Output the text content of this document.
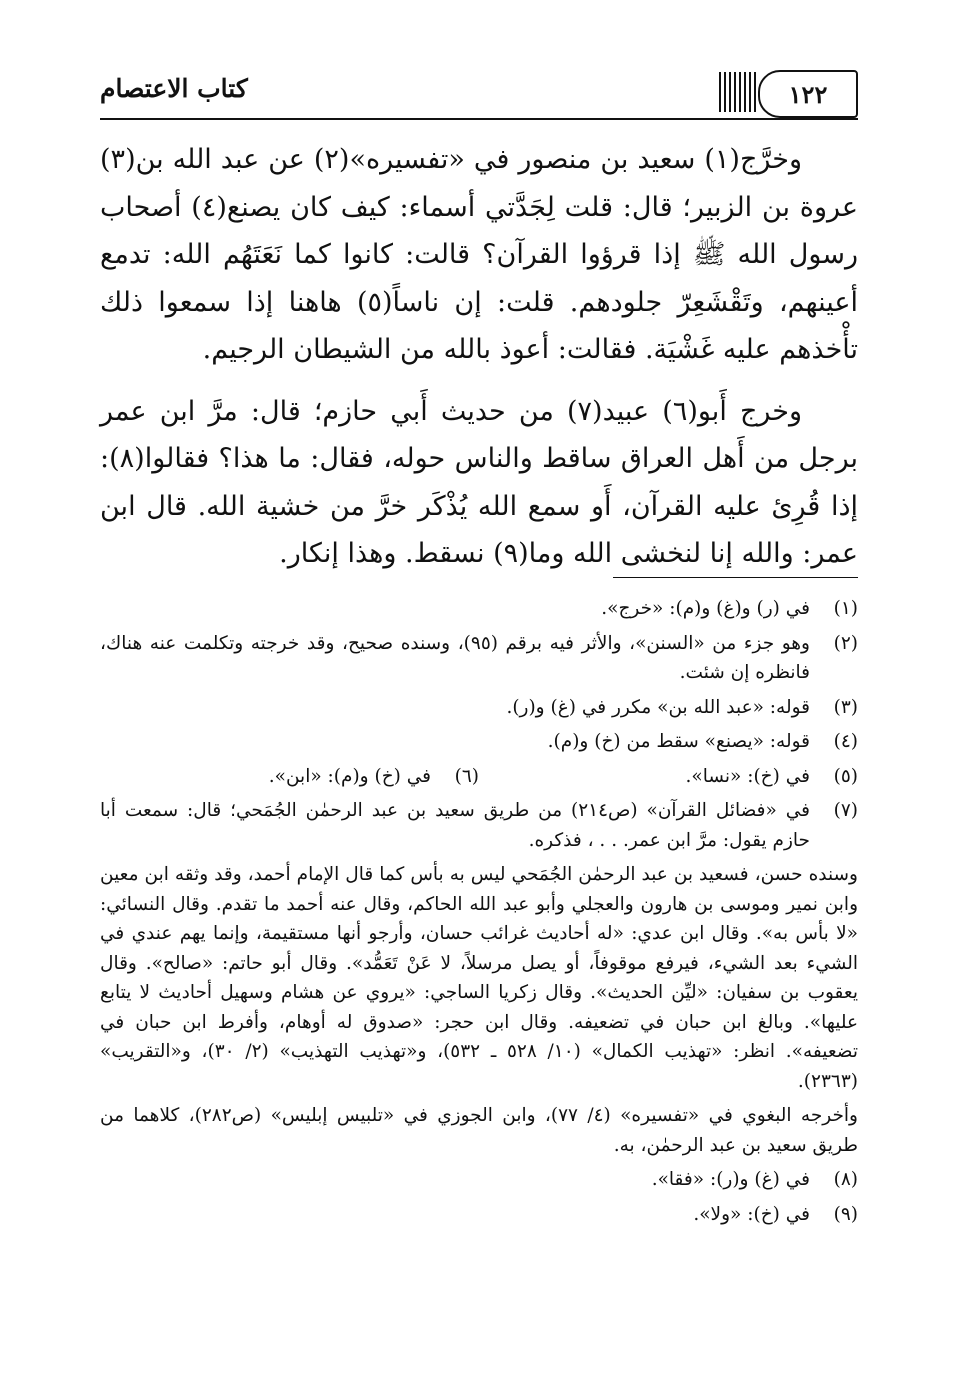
كتاب الاعتصام	١٢٢

وخرَّج(١) سعيد بن منصور في «تفسيره»(٢) عن عبد الله بن(٣) عروة بن الزبير؛ قال: قلت لِجَدَّتي أسماء: كيف كان يصنع(٤) أصحاب رسول الله ﷺ إذا قرؤوا القرآن؟ قالت: كانوا كما نَعَتَهُم الله: تدمع أعينهم، وتَقْشَعِرّ جلودهم. قلت: إن ناساً(٥) هاهنا إذا سمعوا ذلك تأْخذهم عليه غَشْيَة. فقالت: أعوذ بالله من الشيطان الرجيم.

وخرج أَبو(٦) عبيد(٧) من حديث أَبي حازم؛ قال: مرَّ ابن عمر برجل من أَهل العراق ساقط والناس حوله، فقال: ما هذا؟ فقالوا(٨): إذا قُرِئ عليه القرآن، أَو سمع الله يُذْكَر خرَّ من خشية الله. قال ابن عمر: والله إنا لنخشى الله وما(٩) نسقط. وهذا إنكار.

(١)
في (ر) و(غ) و(م): «خرج».
(٢)
وهو جزء من «السنن»، والأثر فيه برقم (٩٥)، وسنده صحيح، وقد خرجته وتكلمت عنه هناك، فانظره إن شئت.
(٣)
قوله: «عبد الله بن» مكرر في (غ) و(ر).
(٤)
قوله: «يصنع» سقط من (خ) و(م).
(٥)
في (خ): «نسا».
(٦)
في (خ) و(م): «ابن».
(٧)
في «فضائل القرآن» (ص٢١٤) من طريق سعيد بن عبد الرحمٰن الجُمَحي؛ قال: سمعت أبا حازم يقول: مرَّ ابن عمر. . . ، فذكره.
وسنده حسن، فسعيد بن عبد الرحمٰن الجُمَحي ليس به بأس كما قال الإمام أحمد، وقد وثقه ابن معين وابن نمير وموسى بن هارون والعجلي وأبو عبد الله الحاكم، وقال عنه أحمد ما تقدم. وقال النسائي: «لا بأس به». وقال ابن عدي: «له أحاديث غرائب حسان، وأرجو أنها مستقيمة، وإنما يهم عندي في الشيء بعد الشيء، فيرفع موقوفاً، أو يصل مرسلاً، لا عَنْ تَعَمُّد». وقال أبو حاتم: «صالح». وقال يعقوب بن سفيان: «ليِّن الحديث». وقال زكريا الساجي: «يروي عن هشام وسهيل أحاديث لا يتابع عليها». وبالغ ابن حبان في تضعيفه. وقال ابن حجر: «صدوق له أوهام، وأفرط ابن حبان في تضعيفه». انظر: «تهذيب الكمال» (١٠/ ٥٢٨ ـ ٥٣٢)، و«تهذيب التهذيب» (٢/ ٣٠)، و«التقريب» (٢٣٦٣).
وأخرجه البغوي في «تفسيره» (٤/ ٧٧)، وابن الجوزي في «تلبيس إبليس» (ص٢٨٢)، كلاهما من طريق سعيد بن عبد الرحمٰن، به.
(٨)
في (غ) و(ر): «فقا».
(٩)
في (خ): «ولا».
